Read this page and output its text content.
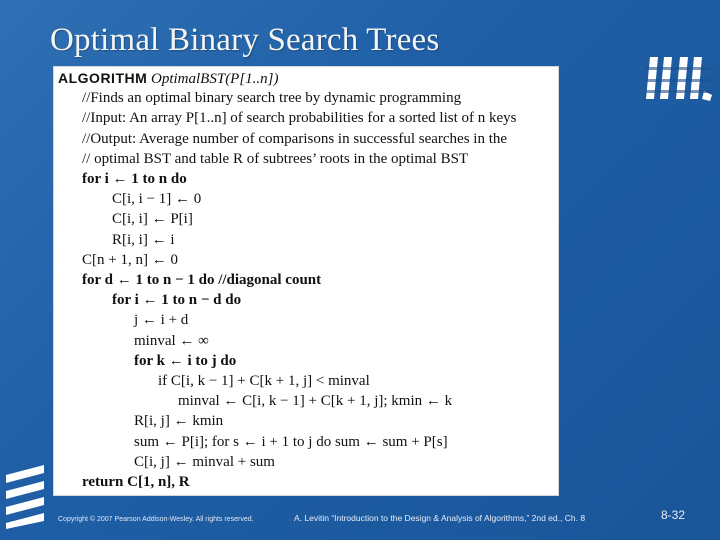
Optimal Binary Search Trees
ALGORITHM OptimalBST(P[1..n])
//Finds an optimal binary search tree by dynamic programming
//Input: An array P[1..n] of search probabilities for a sorted list of n keys
//Output: Average number of comparisons in successful searches in the
// optimal BST and table R of subtrees’ roots in the optimal BST
for i ← 1 to n do
C[i, i − 1] ← 0
C[i, i] ← P[i]
R[i, i] ← i
C[n + 1, n] ← 0
for d ← 1 to n − 1 do //diagonal count
for i ← 1 to n − d do
j ← i + d
minval ← ∞
for k ← i to j do
if C[i, k − 1] + C[k + 1, j] < minval
minval ← C[i, k − 1] + C[k + 1, j]; kmin ← k
R[i, j] ← kmin
sum ← P[i]; for s ← i + 1 to j do sum ← sum + P[s]
C[i, j] ← minval + sum
return C[1, n], R
Copyright © 2007 Pearson Addison-Wesley. All rights reserved.	A. Levitin “Introduction to the Design & Analysis of Algorithms,” 2nd ed., Ch. 8	8-32
